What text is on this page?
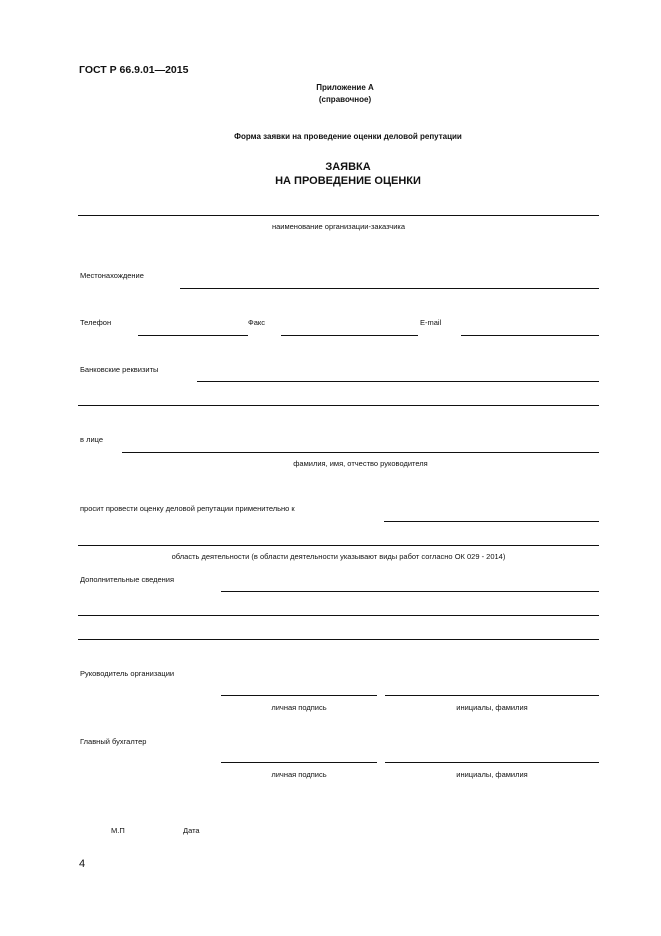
ГОСТ Р 66.9.01—2015
Приложение А
(справочное)
Форма заявки на проведение оценки деловой репутации
ЗАЯВКА
НА ПРОВЕДЕНИЕ ОЦЕНКИ
наименование организации-заказчика
Местонахождение
Телефон	Факс	E-mail
Банковские реквизиты
в лице
фамилия, имя, отчество руководителя
просит провести оценку деловой репутации применительно к
область деятельности (в области деятельности указывают виды работ согласно ОК 029 - 2014)
Дополнительные сведения
Руководитель организации
личная подпись	инициалы, фамилия
Главный бухгалтер
личная подпись	инициалы, фамилия
М.П	Дата
4
